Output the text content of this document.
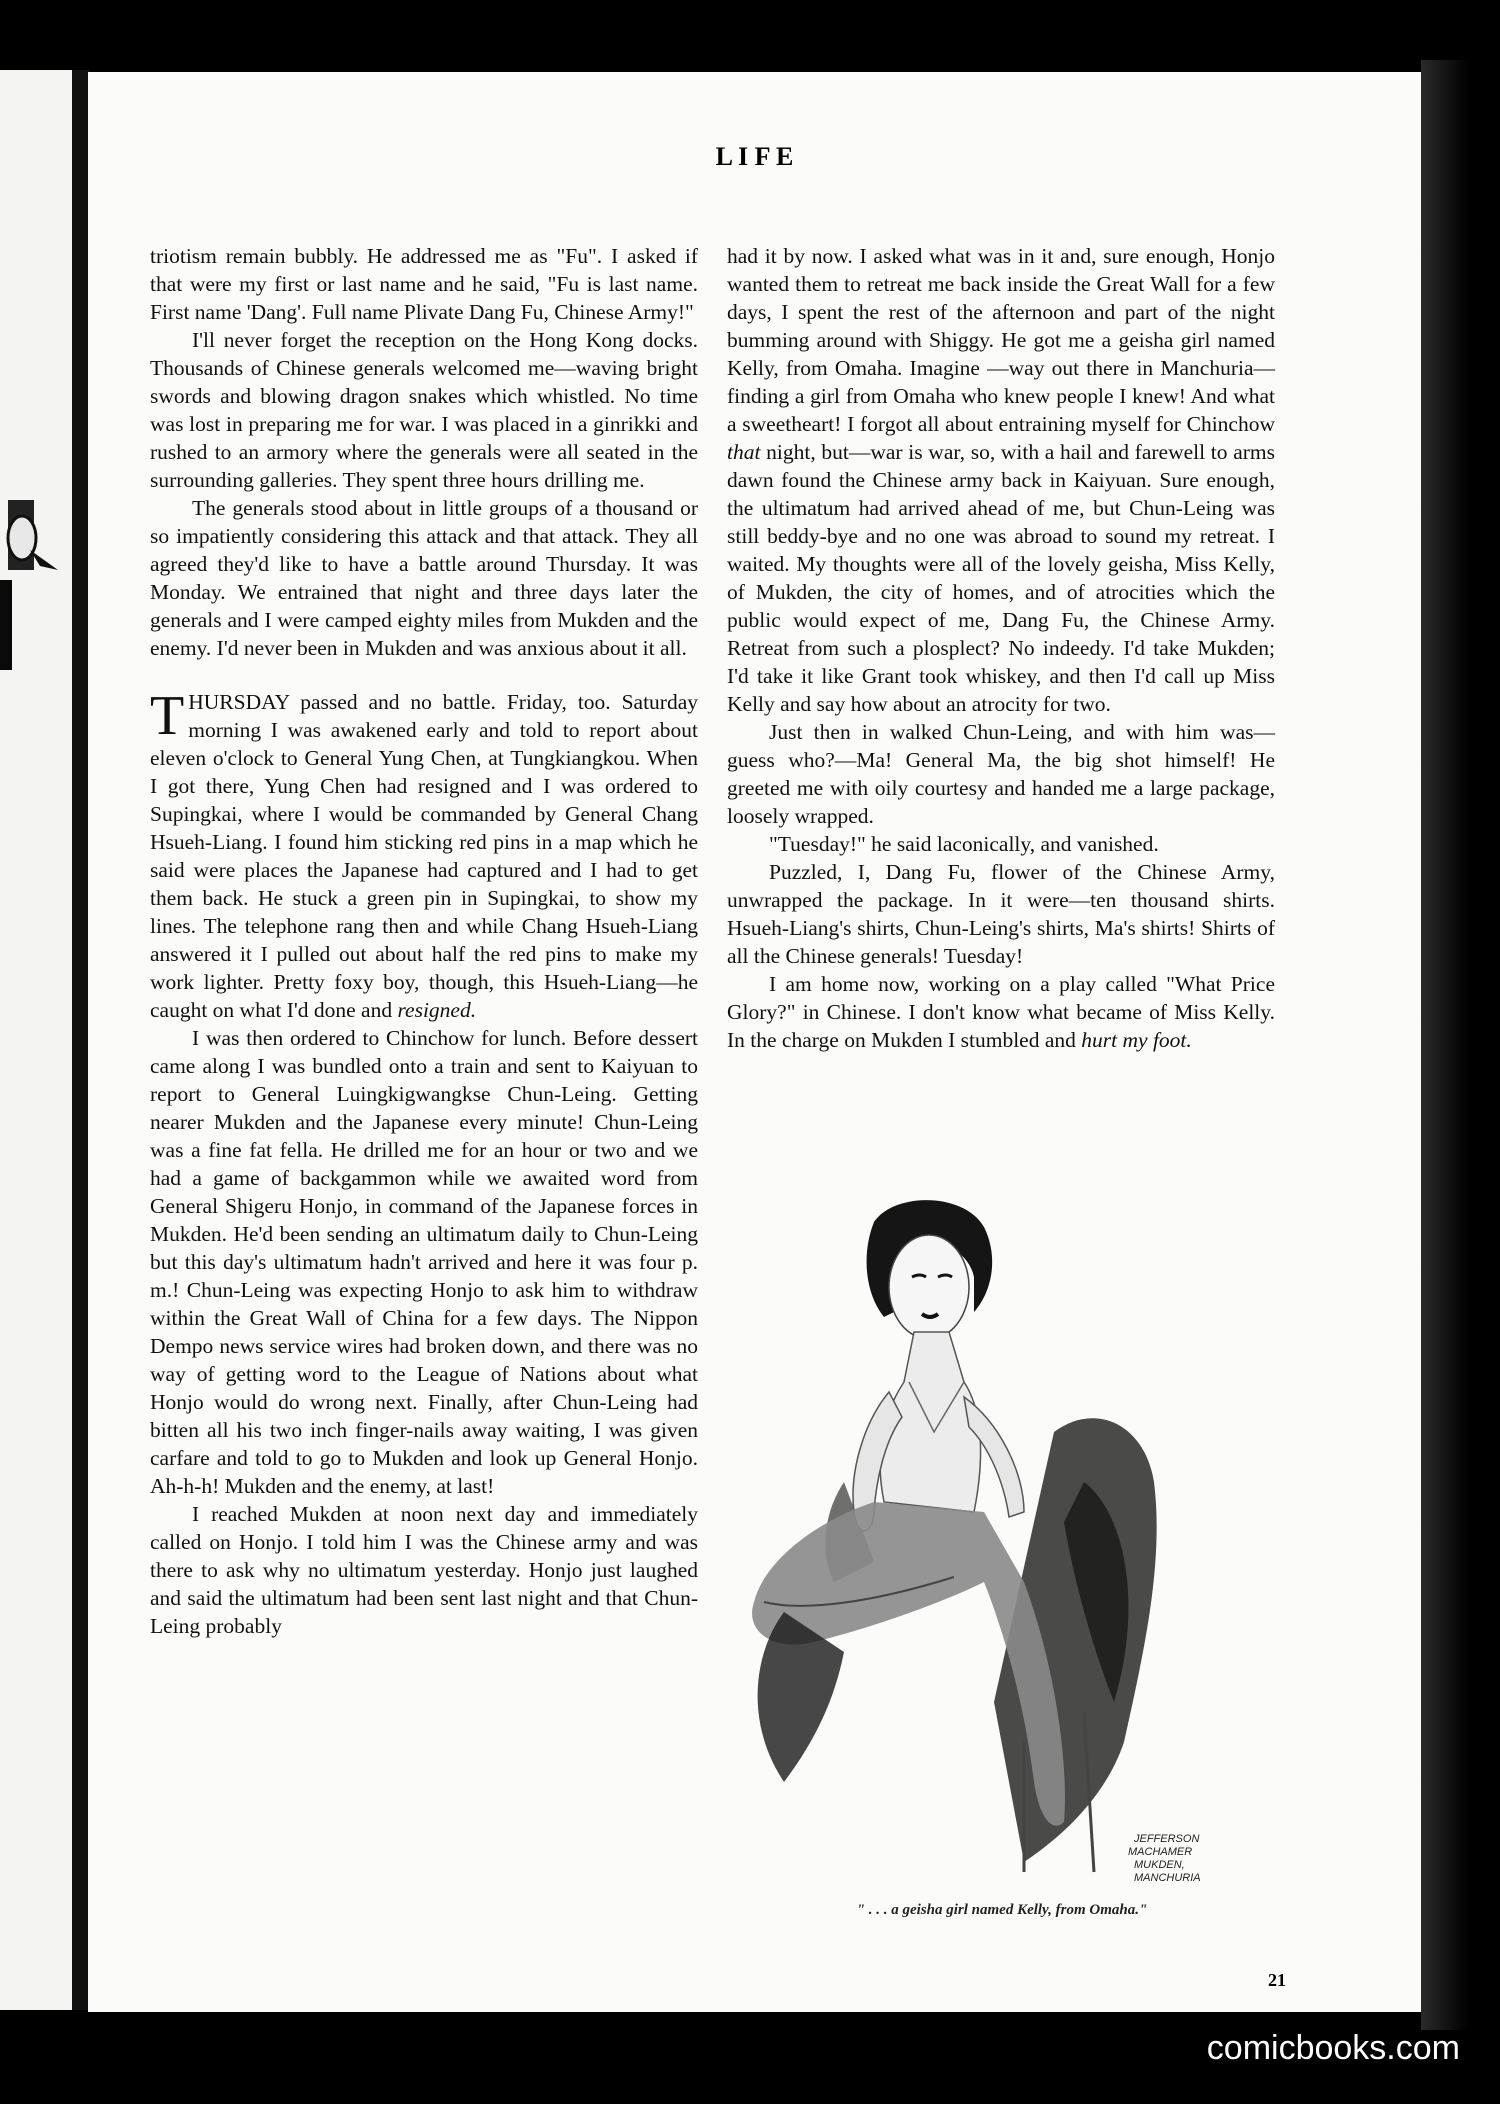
L I F E

triotism remain bubbly. He addressed me as "Fu". I asked if that were my first or last name and he said, "Fu is last name. First name 'Dang'. Full name Plivate Dang Fu, Chinese Army!"

I'll never forget the reception on the Hong Kong docks. Thousands of Chinese generals welcomed me—waving bright swords and blowing dragon snakes which whistled. No time was lost in preparing me for war. I was placed in a ginrikki and rushed to an armory where the generals were all seated in the surrounding galleries. They spent three hours drilling me.

The generals stood about in little groups of a thousand or so impatiently considering this attack and that attack. They all agreed they'd like to have a battle around Thursday. It was Monday. We entrained that night and three days later the generals and I were camped eighty miles from Mukden and the enemy. I'd never been in Mukden and was anxious about it all.

THURSDAY passed and no battle. Friday, too. Saturday morning I was awakened early and told to report about eleven o'clock to General Yung Chen, at Tungkiangkou. When I got there, Yung Chen had resigned and I was ordered to Supingkai, where I would be commanded by General Chang Hsueh-Liang. I found him sticking red pins in a map which he said were places the Japanese had captured and I had to get them back. He stuck a green pin in Supingkai, to show my lines. The telephone rang then and while Chang Hsueh-Liang answered it I pulled out about half the red pins to make my work lighter. Pretty foxy boy, though, this Hsueh-Liang—he caught on what I'd done and resigned.

I was then ordered to Chinchow for lunch. Before dessert came along I was bundled onto a train and sent to Kaiyuan to report to General Luingkigwangkse Chun-Leing. Getting nearer Mukden and the Japanese every minute! Chun-Leing was a fine fat fella. He drilled me for an hour or two and we had a game of backgammon while we awaited word from General Shigeru Honjo, in command of the Japanese forces in Mukden. He'd been sending an ultimatum daily to Chun-Leing but this day's ultimatum hadn't arrived and here it was four p. m.! Chun-Leing was expecting Honjo to ask him to withdraw within the Great Wall of China for a few days. The Nippon Dempo news service wires had broken down, and there was no way of getting word to the League of Nations about what Honjo would do wrong next. Finally, after Chun-Leing had bitten all his two inch finger-nails away waiting, I was given carfare and told to go to Mukden and look up General Honjo. Ah-h-h! Mukden and the enemy, at last!

I reached Mukden at noon next day and immediately called on Honjo. I told him I was the Chinese army and was there to ask why no ultimatum yesterday. Honjo just laughed and said the ultimatum had been sent last night and that Chun-Leing probably

had it by now. I asked what was in it and, sure enough, Honjo wanted them to retreat me back inside the Great Wall for a few days, I spent the rest of the afternoon and part of the night bumming around with Shiggy. He got me a geisha girl named Kelly, from Omaha. Imagine —way out there in Manchuria—finding a girl from Omaha who knew people I knew! And what a sweetheart! I forgot all about entraining myself for Chinchow that night, but—war is war, so, with a hail and farewell to arms dawn found the Chinese army back in Kaiyuan. Sure enough, the ultimatum had arrived ahead of me, but Chun-Leing was still beddy-bye and no one was abroad to sound my retreat. I waited. My thoughts were all of the lovely geisha, Miss Kelly, of Mukden, the city of homes, and of atrocities which the public would expect of me, Dang Fu, the Chinese Army. Retreat from such a plosplect? No indeedy. I'd take Mukden; I'd take it like Grant took whiskey, and then I'd call up Miss Kelly and say how about an atrocity for two.

Just then in walked Chun-Leing, and with him was—guess who?—Ma! General Ma, the big shot himself! He greeted me with oily courtesy and handed me a large package, loosely wrapped.

"Tuesday!" he said laconically, and vanished.

Puzzled, I, Dang Fu, flower of the Chinese Army, unwrapped the package. In it were—ten thousand shirts. Hsueh-Liang's shirts, Chun-Leing's shirts, Ma's shirts! Shirts of all the Chinese generals! Tuesday!

I am home now, working on a play called "What Price Glory?" in Chinese. I don't know what became of Miss Kelly. In the charge on Mukden I stumbled and hurt my foot.

JEFFERSON MACHAMER MUKDEN, MANCHURIA
" . . . a geisha girl named Kelly, from Omaha."
21
comicbooks.com
